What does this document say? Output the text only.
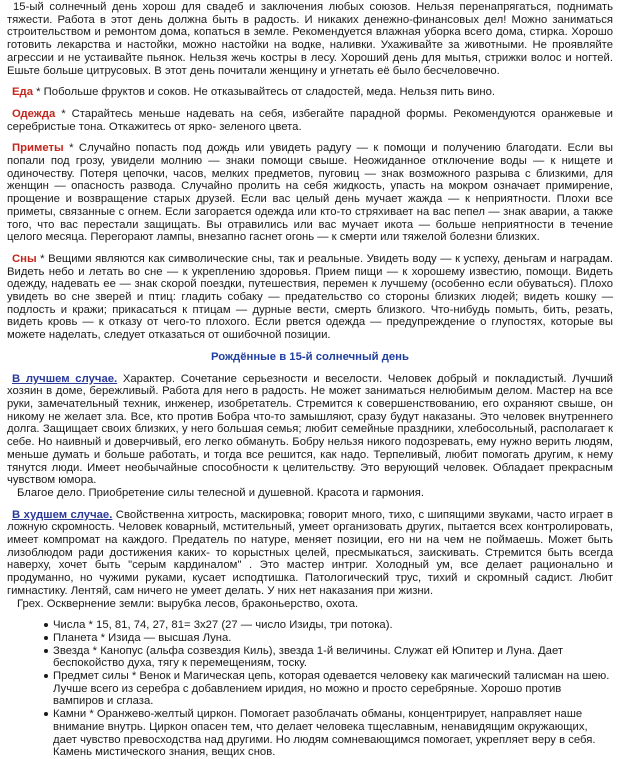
15-ый солнечный день хорош для свадеб и заключения любых союзов. Нельзя перенапрягаться, поднимать тяжести. Работа в этот день должна быть в радость. И никаких денежно-финансовых дел! Можно заниматься строительством и ремонтом дома, копаться в земле. Рекомендуется влажная уборка всего дома, стирка. Хорошо готовить лекарства и настойки, можно настойки на водке, наливки. Ухаживайте за животными. Не проявляйте агрессии и не устаивайте пьянок. Нельзя жечь костры в лесу. Хороший день для мытья, стрижки волос и ногтей. Ешьте больше цитрусовых. В этот день почитали женщину и угнетать её было бесчеловечно.

Еда * Побольше фруктов и соков. Не отказывайтесь от сладостей, меда. Нельзя пить вино.

Одежда * Старайтесь меньше надевать на себя, избегайте парадной формы. Рекомендуются оранжевые и серебристые тона. Откажитесь от ярко- зеленого цвета.

Приметы * Случайно попасть под дождь или увидеть радугу — к помощи и получению благодати. Если вы попали под грозу, увидели молнию — знаки помощи свыше. Неожиданное отключение воды — к нищете и одиночеству. Потеря цепочки, часов, мелких предметов, пуговиц — знак возможного разрыва с близкими, для женщин — опасность развода. Случайно пролить на себя жидкость, упасть на мокром означает примирение, прощение и возвращение старых друзей. Если вас целый день мучает жажда — к неприятности. Плохи все приметы, связанные с огнем. Если загорается одежда или кто-то стряхивает на вас пепел — знак аварии, а также того, что вас перестали защищать. Вы отравились или вас мучает икота — больше неприятности в течение целого месяца. Перегорают лампы, внезапно гаснет огонь — к смерти или тяжелой болезни близких.

Сны * Вещими являются как символические сны, так и реальные. Увидеть воду — к успеху, деньгам и наградам. Видеть небо и летать во сне — к укреплению здоровья. Прием пищи — к хорошему известию, помощи. Видеть одежду, надевать ее — знак скорой поездки, путешествия, перемен к лучшему (особенно если обуваться). Плохо увидеть во сне зверей и птиц: гладить собаку — предательство со стороны близких людей; видеть кошку — подлость и кражи; прикасаться к птицам — дурные вести, смерть близкого. Что-нибудь помыть, бить, резать, видеть кровь — к отказу от чего-то плохого. Если рвется одежда — предупреждение о глупостях, которые вы можете наделать, следует отказаться от ошибочной позиции.

Рождённые в 15-й солнечный день

В лучшем случае. Характер. Сочетание серьезности и веселости. Человек добрый и покладистый. Лучший хозяин в доме, бережливый. Работа для него в радость. Не может заниматься нелюбимым делом. Мастер на все руки, замечательный техник, инженер, изобретатель. Стремится к совершенствованию, его охраняют свыше, он никому не желает зла. Все, кто против Бобра что-то замышляют, сразу будут наказаны. Это человек внутреннего долга. Защищает своих близких, у него большая семья; любит семейные праздники, хлебосольный, располагает к себе. Но наивный и доверчивый, его легко обмануть. Бобру нельзя никого подозревать, ему нужно верить людям, меньше думать и больше работать, и тогда все решится, как надо. Терпеливый, любит помогать другим, к нему тянутся люди. Имеет необычайные способности к целительству. Это верующий человек. Обладает прекрасным чувством юмора.

Благое дело. Приобретение силы телесной и душевной. Красота и гармония.

В худшем случае. Свойственна хитрость, маскировка; говорит много, тихо, с шипящими звуками, часто играет в ложную скромность. Человек коварный, мстительный, умеет организовать других, пытается всех контролировать, имеет компромат на каждого. Предатель по натуре, меняет позиции, его ни на чем не поймаешь. Может быть лизоблюдом ради достижения каких- то корыстных целей, пресмыкаться, заискивать. Стремится быть всегда наверху, хочет быть "серым кардиналом" . Это мастер интриг. Холодный ум, все делает рационально и продуманно, но чужими руками, кусает исподтишка. Патологический трус, тихий и скромный садист. Любит гимнастику. Лентяй, сам ничего не умеет делать. У них нет наказания при жизни.

Грех. Осквернение земли: вырубка лесов, браконьерство, охота.

Числа * 15, 81, 74, 27, 81= 3х27 (27 — число Изиды, три потока).
Планета * Изида — высшая Луна.
Звезда * Канопус (альфа созвездия Киль), звезда 1-й величины. Служат ей Юпитер и Луна. Дает беспокойство духа, тягу к перемещениям, тоску.
Предмет силы * Венок и Магическая цепь, которая одевается человеку как магический талисман на шею. Лучше всего из серебра с добавлением иридия, но можно и просто серебряные. Хорошо против вампиров и сглаза.
Камни * Оранжево-желтый циркон. Помогает разоблачать обманы, концентрирует, направляет наше внимание внутрь. Циркон опасен тем, что делает человека тщеславным, ненавидящим окружающих, дает чувство превосходства над другими. Но людям сомневающимся помогает, укрепляет веру в себя. Камень мистического знания, вещих снов.
